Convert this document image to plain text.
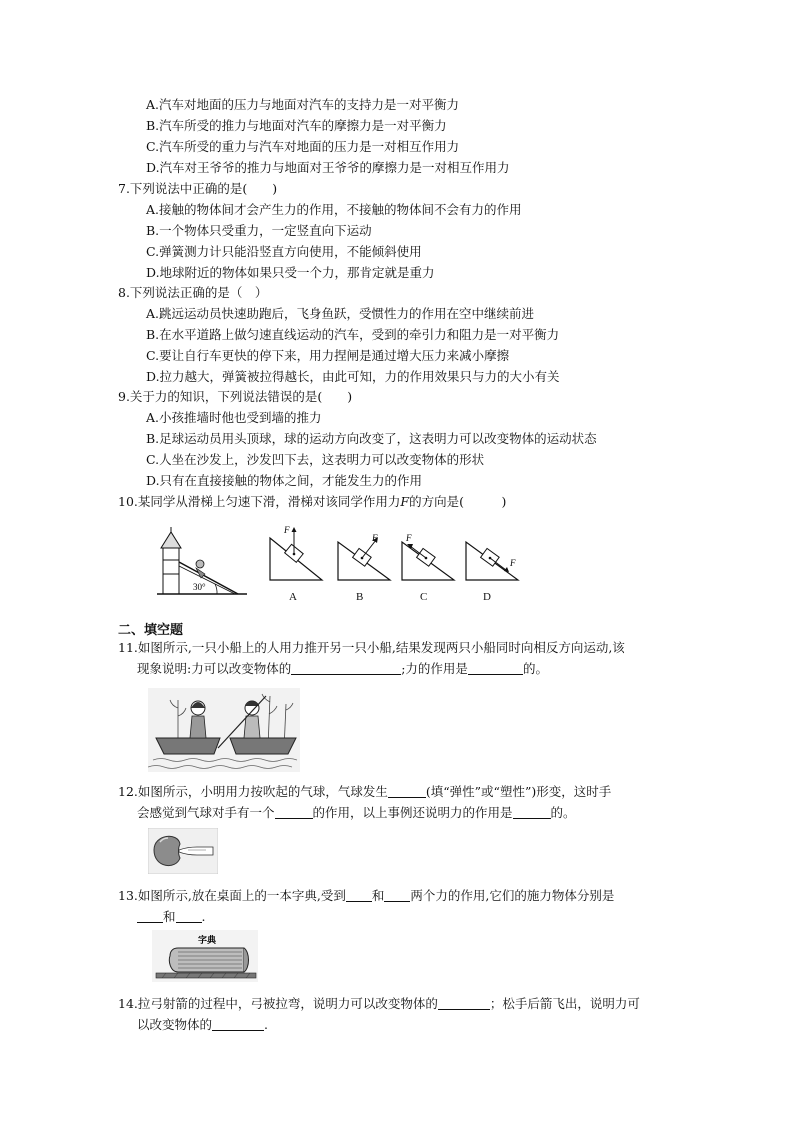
A.汽车对地面的压力与地面对汽车的支持力是一对平衡力
B.汽车所受的推力与地面对汽车的摩擦力是一对平衡力
C.汽车所受的重力与汽车对地面的压力是一对相互作用力
D.汽车对王爷爷的推力与地面对王爷爷的摩擦力是一对相互作用力
7.下列说法中正确的是(　　)
A.接触的物体间才会产生力的作用，不接触的物体间不会有力的作用
B.一个物体只受重力，一定竖直向下运动
C.弹簧测力计只能沿竖直方向使用，不能倾斜使用
D.地球附近的物体如果只受一个力，那肯定就是重力
8.下列说法正确的是（　）
A.跳远运动员快速助跑后，飞身鱼跃，受惯性力的作用在空中继续前进
B.在水平道路上做匀速直线运动的汽车，受到的牵引力和阻力是一对平衡力
C.要让自行车更快的停下来，用力捏闸是通过增大压力来减小摩擦
D.拉力越大，弹簧被拉得越长，由此可知，力的作用效果只与力的大小有关
9.关于力的知识，下列说法错误的是(　　)
A.小孩推墙时他也受到墙的推力
B.足球运动员用头顶球，球的运动方向改变了，这表明力可以改变物体的运动状态
C.人坐在沙发上，沙发凹下去，这表明力可以改变物体的形状
D.只有在直接接触的物体之间，才能发生力的作用
10.某同学从滑梯上匀速下滑，滑梯对该同学作用力F的方向是(　　　)
30°
F
A
F
B
F
C
F
D
二、填空题
11.如图所示,一只小船上的人用力推开另一只小船,结果发现两只小船同时向相反方向运动,该
现象说明:力可以改变物体的	;力的作用是	的。
12.如图所示，小明用力按吹起的气球，气球发生	(填“弹性”或“塑性”)形变，这时手
会感觉到气球对手有一个	的作用，以上事例还说明力的作用是	的。
13.如图所示,放在桌面上的一本字典,受到 和 两个力的作用,它们的施力物体分别是
和 .
字典
14.拉弓射箭的过程中，弓被拉弯，说明力可以改变物体的	；松手后箭飞出，说明力可
以改变物体的	.
